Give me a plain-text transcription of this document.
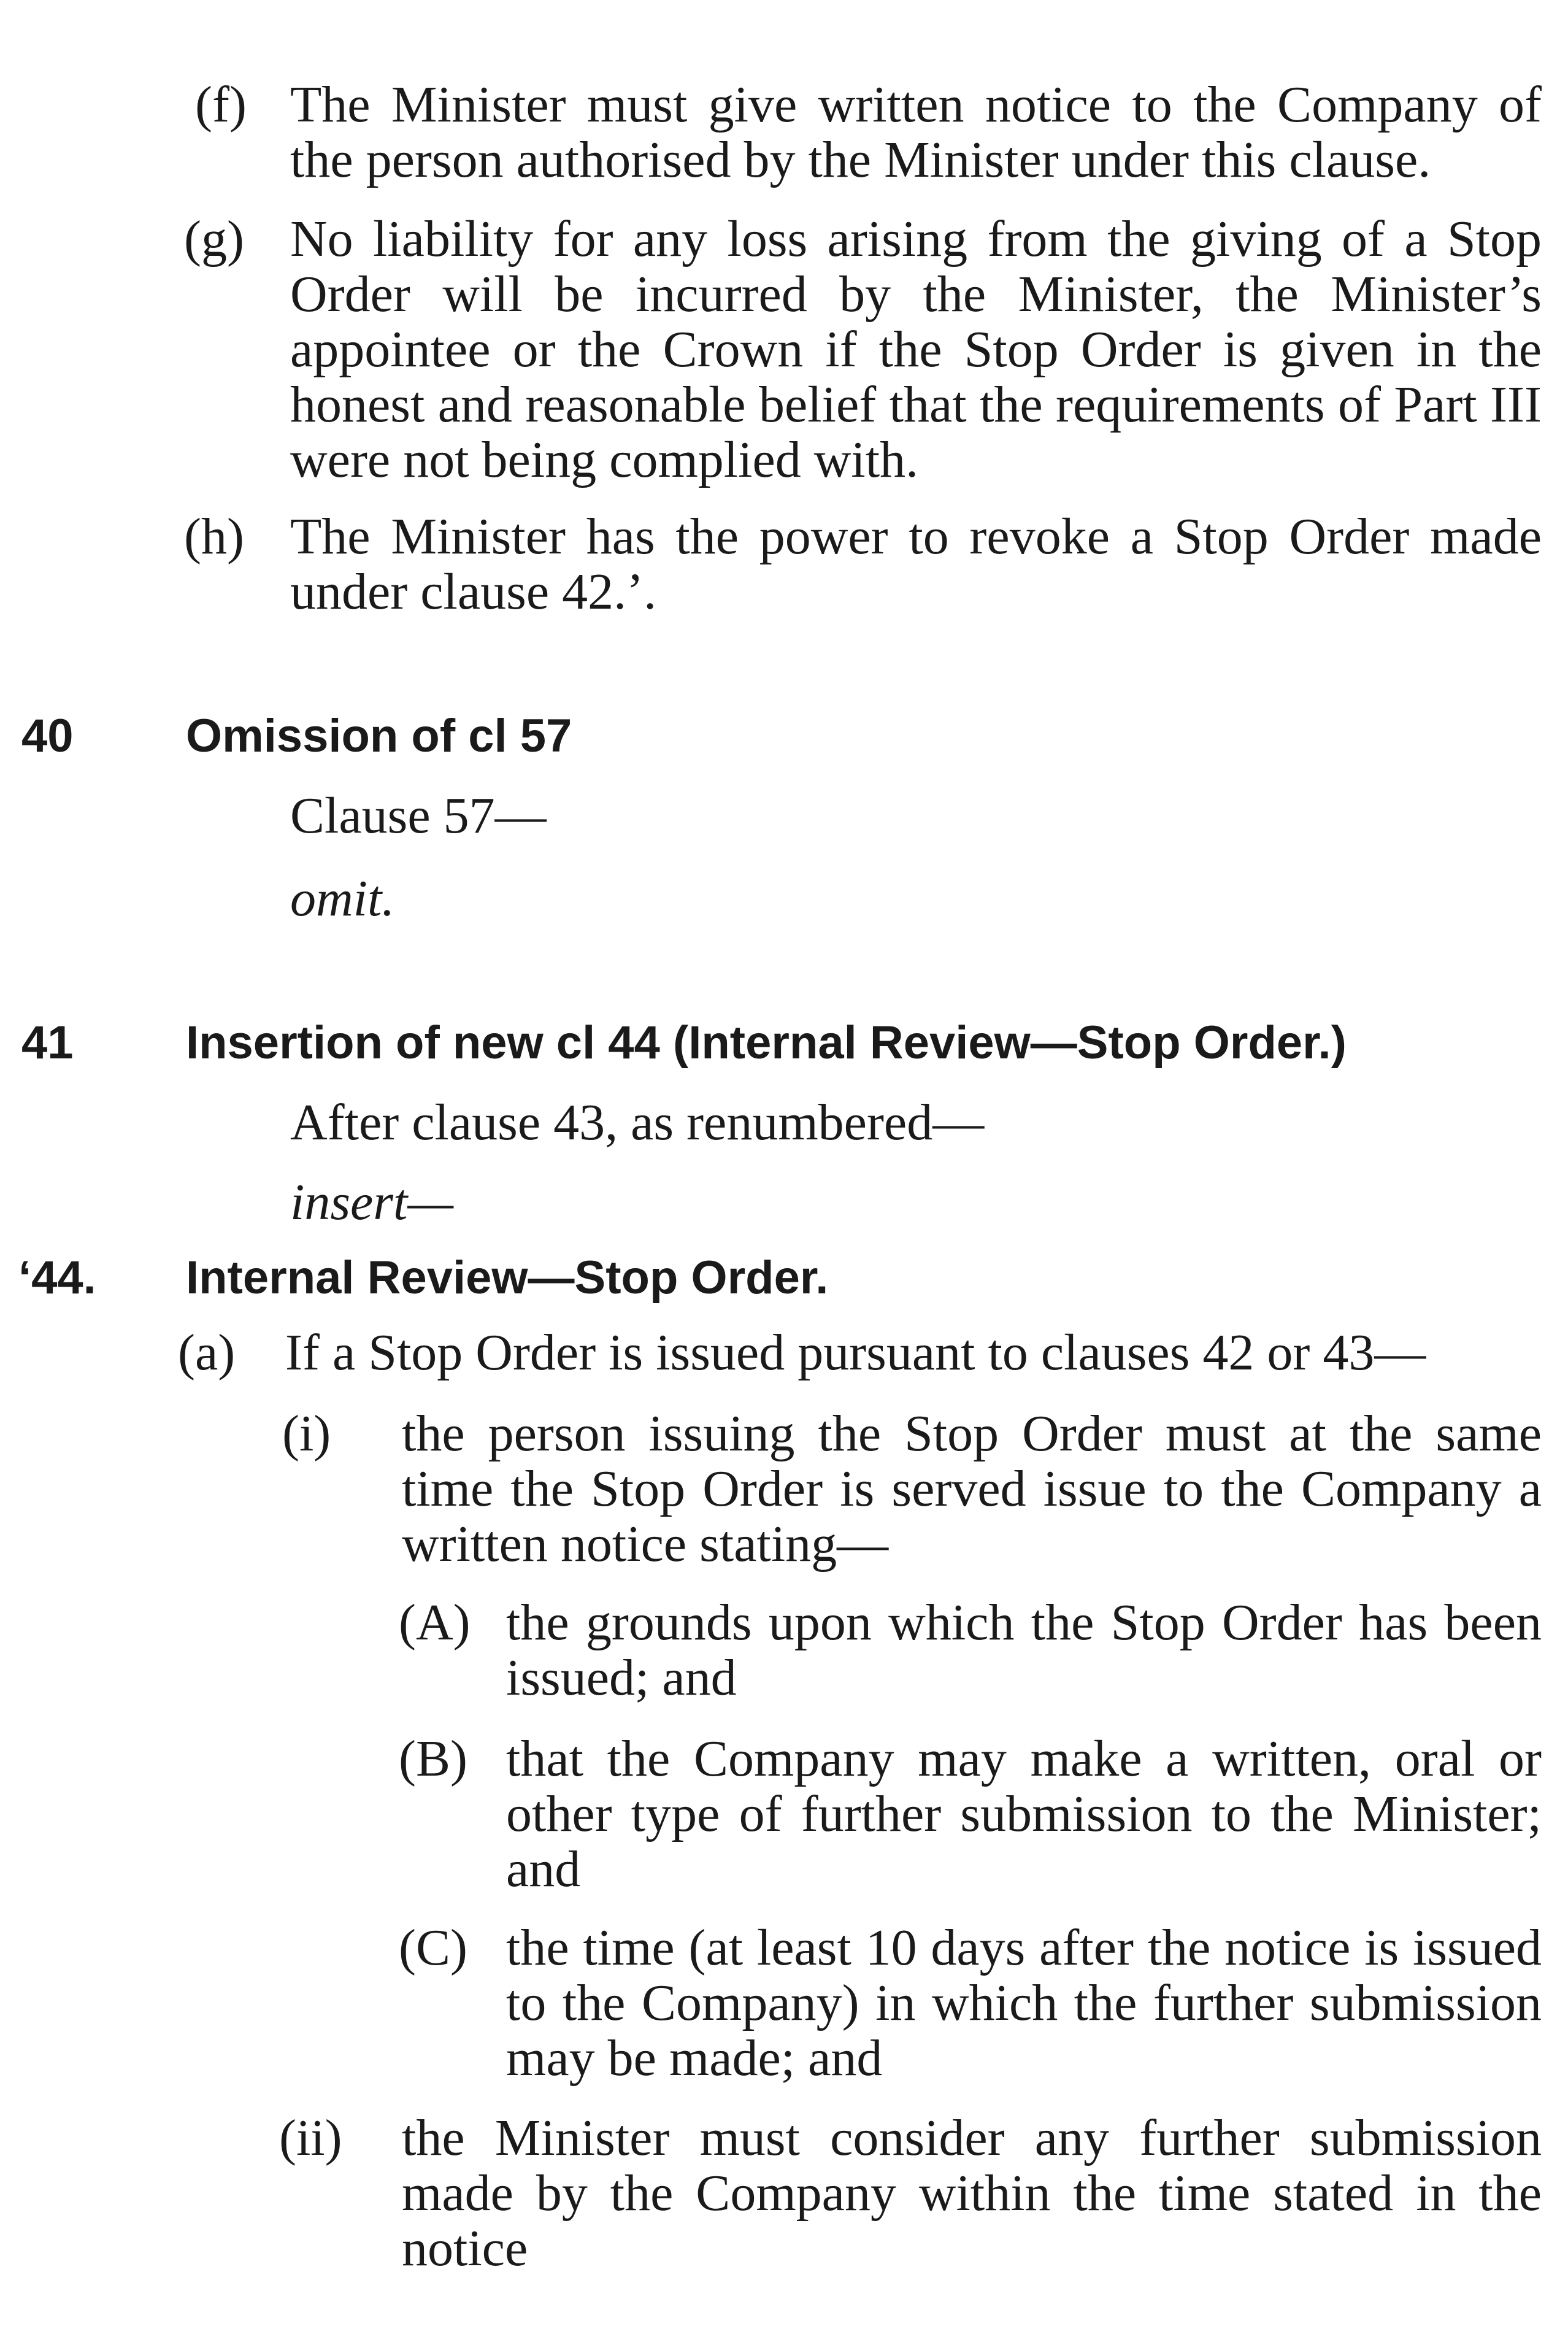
(f) The Minister must give written notice to the Company of the person authorised by the Minister under this clause.
(g) No liability for any loss arising from the giving of a Stop Order will be incurred by the Minister, the Minister’s appointee or the Crown if the Stop Order is given in the honest and reasonable belief that the requirements of Part III were not being complied with.
(h) The Minister has the power to revoke a Stop Order made under clause 42.’.
40 Omission of cl 57
Clause 57—
omit.
41 Insertion of new cl 44 (Internal Review—Stop Order.)
After clause 43, as renumbered—
insert—
‘44. Internal Review—Stop Order.
(a) If a Stop Order is issued pursuant to clauses 42 or 43—
(i) the person issuing the Stop Order must at the same time the Stop Order is served issue to the Company a written notice stating—
(A) the grounds upon which the Stop Order has been issued; and
(B) that the Company may make a written, oral or other type of further submission to the Minister; and
(C) the time (at least 10 days after the notice is issued to the Company) in which the further submission may be made; and
(ii) the Minister must consider any further submission made by the Company within the time stated in the notice
